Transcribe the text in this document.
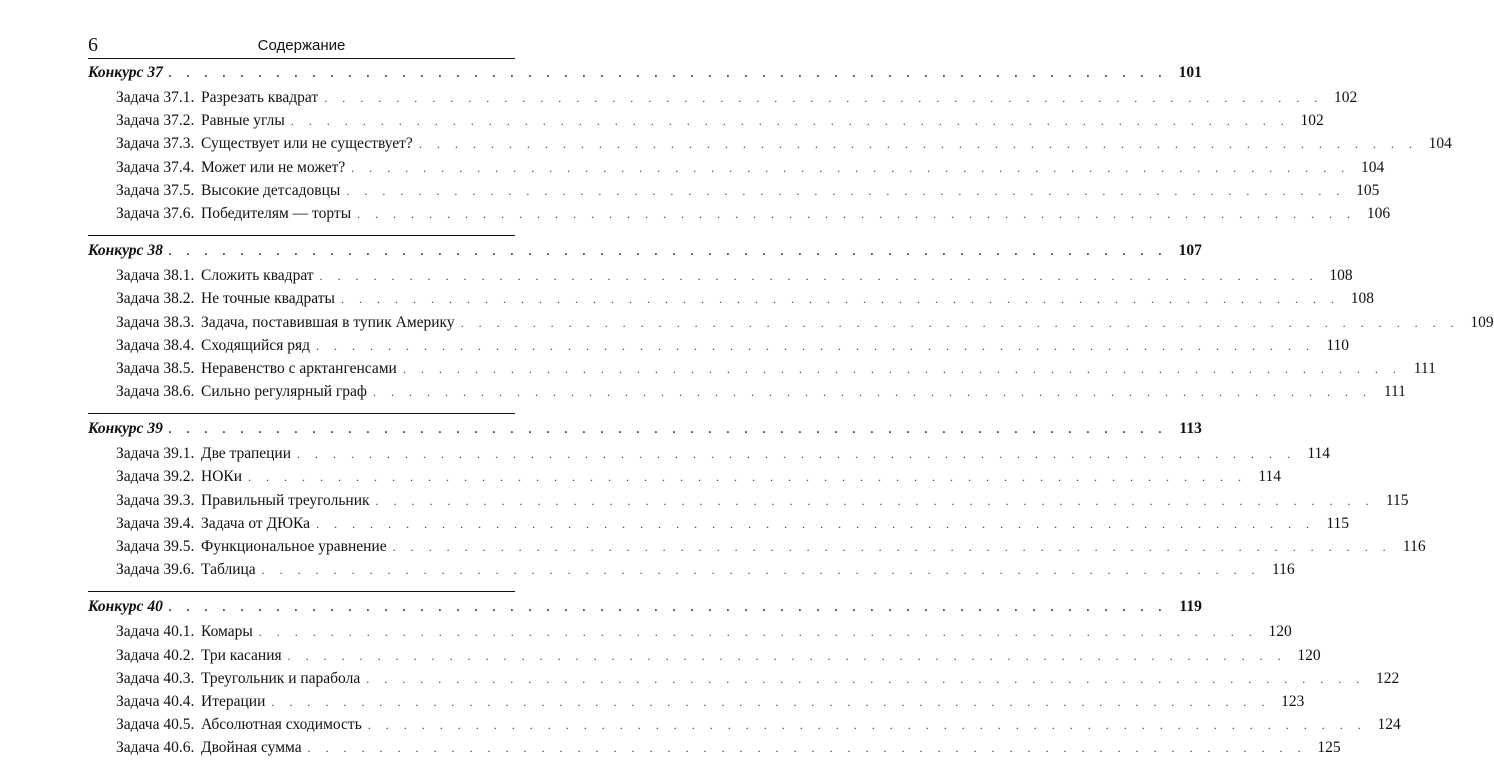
6	Содержание
Конкурс 37 . . . . . . . . . . . . . . . . . . . . . . . . . . . . . . . . . . . . . . . . . . . . . . . . . . . . . . . . 101
Задача 37.1. Разрезать квадрат . . . . . . . . . . . . . . . . . . . . . . . . . . . . . . . . . . . . . . . . . . . . . . . . . . . . . . . . 102
Задача 37.2. Равные углы . . . . . . . . . . . . . . . . . . . . . . . . . . . . . . . . . . . . . . . . . . . . . . . . . . . . . . . . 102
Задача 37.3. Существует или не существует? . . . . . . . . . . . . . . . . . . . . . . . . . . . . . . . . . . . . . . . . . . . . . . . . . . . . . . . . 104
Задача 37.4. Может или не может? . . . . . . . . . . . . . . . . . . . . . . . . . . . . . . . . . . . . . . . . . . . . . . . . . . . . . . . . 104
Задача 37.5. Высокие детсадовцы . . . . . . . . . . . . . . . . . . . . . . . . . . . . . . . . . . . . . . . . . . . . . . . . . . . . . . . . 105
Задача 37.6. Победителям — торты . . . . . . . . . . . . . . . . . . . . . . . . . . . . . . . . . . . . . . . . . . . . . . . . . . . . . . . . 106
Конкурс 38 . . . . . . . . . . . . . . . . . . . . . . . . . . . . . . . . . . . . . . . . . . . . . . . . . . . . . . . . 107
Задача 38.1. Сложить квадрат . . . . . . . . . . . . . . . . . . . . . . . . . . . . . . . . . . . . . . . . . . . . . . . . . . . . . . . . 108
Задача 38.2. Не точные квадраты . . . . . . . . . . . . . . . . . . . . . . . . . . . . . . . . . . . . . . . . . . . . . . . . . . . . . . . . 108
Задача 38.3. Задача, поставившая в тупик Америку . . . . . . . . . . . . . . . . . . . . . . . . . . . . . . . . . . . . . . . . . . . . . . . . . . . . . . . . 109
Задача 38.4. Сходящийся ряд . . . . . . . . . . . . . . . . . . . . . . . . . . . . . . . . . . . . . . . . . . . . . . . . . . . . . . . . 110
Задача 38.5. Неравенство с арктангенсами . . . . . . . . . . . . . . . . . . . . . . . . . . . . . . . . . . . . . . . . . . . . . . . . . . . . . . . . 111
Задача 38.6. Сильно регулярный граф . . . . . . . . . . . . . . . . . . . . . . . . . . . . . . . . . . . . . . . . . . . . . . . . . . . . . . . . 111
Конкурс 39 . . . . . . . . . . . . . . . . . . . . . . . . . . . . . . . . . . . . . . . . . . . . . . . . . . . . . . . . 113
Задача 39.1. Две трапеции . . . . . . . . . . . . . . . . . . . . . . . . . . . . . . . . . . . . . . . . . . . . . . . . . . . . . . . . 114
Задача 39.2. НОКи . . . . . . . . . . . . . . . . . . . . . . . . . . . . . . . . . . . . . . . . . . . . . . . . . . . . . . . . 114
Задача 39.3. Правильный треугольник . . . . . . . . . . . . . . . . . . . . . . . . . . . . . . . . . . . . . . . . . . . . . . . . . . . . . . . . 115
Задача 39.4. Задача от ДЮКа . . . . . . . . . . . . . . . . . . . . . . . . . . . . . . . . . . . . . . . . . . . . . . . . . . . . . . . . 115
Задача 39.5. Функциональное уравнение . . . . . . . . . . . . . . . . . . . . . . . . . . . . . . . . . . . . . . . . . . . . . . . . . . . . . . . . 116
Задача 39.6. Таблица . . . . . . . . . . . . . . . . . . . . . . . . . . . . . . . . . . . . . . . . . . . . . . . . . . . . . . . . 116
Конкурс 40 . . . . . . . . . . . . . . . . . . . . . . . . . . . . . . . . . . . . . . . . . . . . . . . . . . . . . . . . 119
Задача 40.1. Комары . . . . . . . . . . . . . . . . . . . . . . . . . . . . . . . . . . . . . . . . . . . . . . . . . . . . . . . . 120
Задача 40.2. Три касания . . . . . . . . . . . . . . . . . . . . . . . . . . . . . . . . . . . . . . . . . . . . . . . . . . . . . . . . 120
Задача 40.3. Треугольник и парабола . . . . . . . . . . . . . . . . . . . . . . . . . . . . . . . . . . . . . . . . . . . . . . . . . . . . . . . . 122
Задача 40.4. Итерации . . . . . . . . . . . . . . . . . . . . . . . . . . . . . . . . . . . . . . . . . . . . . . . . . . . . . . . . 123
Задача 40.5. Абсолютная сходимость . . . . . . . . . . . . . . . . . . . . . . . . . . . . . . . . . . . . . . . . . . . . . . . . . . . . . . . . 124
Задача 40.6. Двойная сумма . . . . . . . . . . . . . . . . . . . . . . . . . . . . . . . . . . . . . . . . . . . . . . . . . . . . . . . . 125
